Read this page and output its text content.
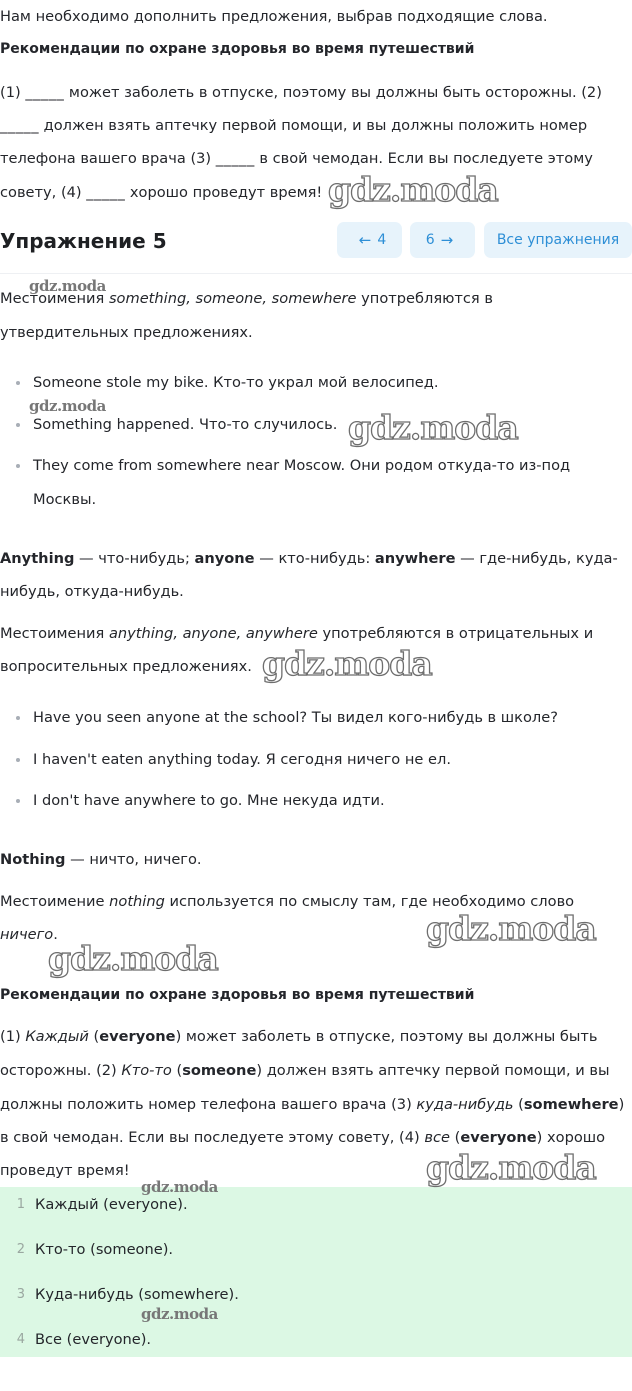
Нам необходимо дополнить предложения, выбрав подходящие слова.
Рекомендации по охране здоровья во время путешествий
(1) _____ может заболеть в отпуске, поэтому вы должны быть осторожны. (2)
_____ должен взять аптечку первой помощи, и вы должны положить номер
телефона вашего врача (3) _____ в свой чемодан. Если вы последуете этому
совету, (4) _____ хорошо проведут время!
Упражнение 5	← 4	6 →	Все упражнения
Местоимения something, someone, somewhere употребляются в
утвердительных предложениях.
Someone stole my bike. Кто-то украл мой велосипед.
Something happened. Что-то случилось.
They come from somewhere near Moscow. Они родом откуда-то из-под
Москвы.
Anything — что-нибудь; anyone — кто-нибудь: anywhere — где-нибудь, куда-
нибудь, откуда-нибудь.
Местоимения anything, anyone, anywhere употребляются в отрицательных и
вопросительных предложениях.
Have you seen anyone at the school? Ты видел кого-нибудь в школе?
I haven't eaten anything today. Я сегодня ничего не ел.
I don't have anywhere to go. Мне некуда идти.
Nothing — ничто, ничего.
Местоимение nothing используется по смыслу там, где необходимо слово
ничего.
Рекомендации по охране здоровья во время путешествий
(1) Каждый (everyone) может заболеть в отпуске, поэтому вы должны быть
осторожны. (2) Кто-то (someone) должен взять аптечку первой помощи, и вы
должны положить номер телефона вашего врача (3) куда-нибудь (somewhere)
в свой чемодан. Если вы последуете этому совету, (4) все (everyone) хорошо
проведут время!
1 Каждый (everyone).
2 Кто-то (someone).
3 Куда-нибудь (somewhere).
4 Все (everyone).
gdz.moda
gdz.moda
gdz.moda
gdz.moda
gdz.moda
gdz.moda
gdz.moda
gdz.moda
gdz.moda
gdz.moda
